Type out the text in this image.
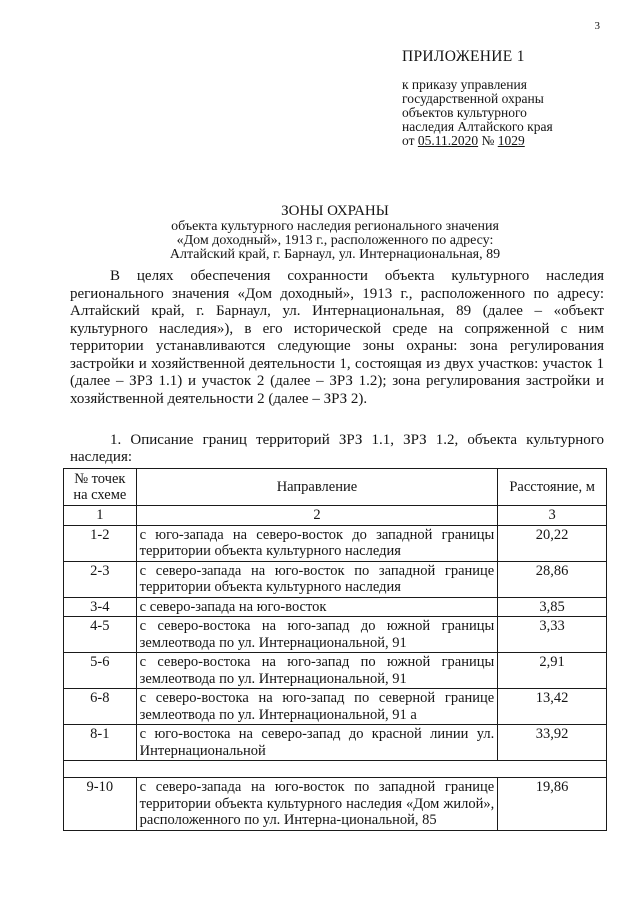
3
ПРИЛОЖЕНИЕ 1
к приказу управления
государственной охраны
объектов культурного
наследия Алтайского края
от 05.11.2020 № 1029
ЗОНЫ ОХРАНЫ
объекта культурного наследия регионального значения
«Дом доходный», 1913 г., расположенного по адресу:
Алтайский край, г. Барнаул, ул. Интернациональная, 89

В целях обеспечения сохранности объекта культурного наследия регионального значения «Дом доходный», 1913 г., расположенного по адресу: Алтайский край, г. Барнаул, ул. Интернациональная, 89 (далее – «объект культурного наследия»), в его исторической среде на сопряженной с ним территории устанавливаются следующие зоны охраны: зона регулирования застройки и хозяйственной деятельности 1, состоящая из двух участков: участок 1 (далее – ЗРЗ 1.1) и участок 2 (далее – ЗРЗ 1.2); зона регулирования застройки и хозяйственной деятельности 2 (далее – ЗРЗ 2).

1. Описание границ территорий ЗРЗ 1.1, ЗРЗ 1.2, объекта культурного наследия:

№ точек на схеме	Направление	Расстояние, м
1	2	3
1-2	с юго-запада на северо-восток до западной границы территории объекта культурного наследия	20,22
2-3	с северо-запада на юго-восток по западной границе территории объекта культурного наследия	28,86
3-4	с северо-запада на юго-восток	3,85
4-5	с северо-востока на юго-запад до южной границы землеотвода по ул. Интернациональной, 91	3,33
5-6	с северо-востока на юго-запад по южной границы землеотвода по ул. Интернациональной, 91	2,91
6-8	с северо-востока на юго-запад по северной границе землеотвода по ул. Интернациональной, 91 а	13,42
8-1	с юго-востока на северо-запад до красной линии ул. Интернациональной	33,92

9-10	с северо-запада на юго-восток по западной границе территории объекта культурного наследия «Дом жилой», расположенного по ул. Интерна-циональной, 85	19,86
